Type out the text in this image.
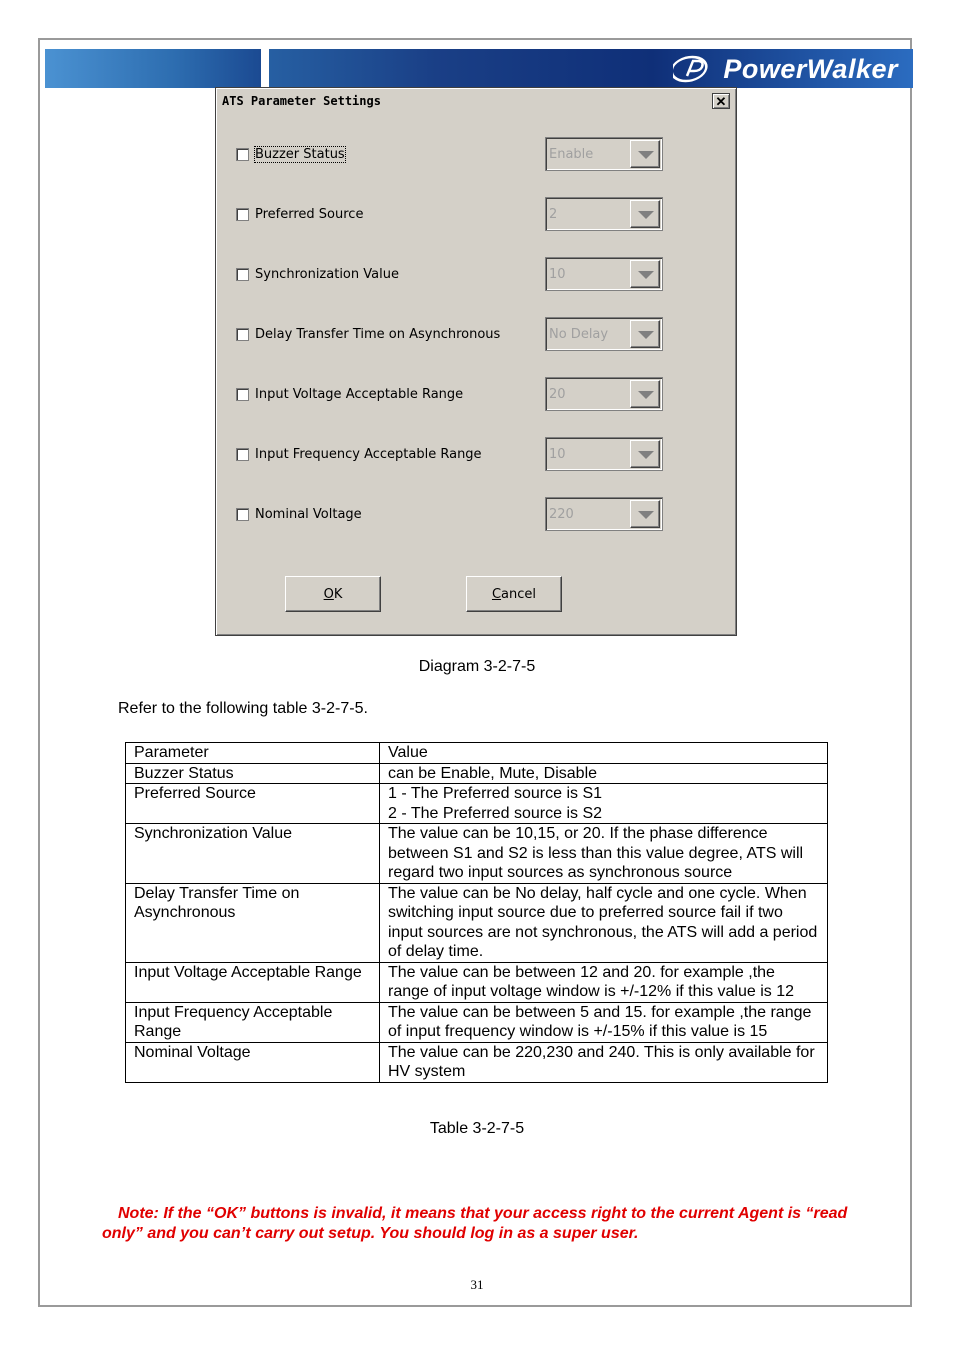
PowerWalker
ATS Parameter Settings	✕
Buzzer Status	Enable
Preferred Source	2
Synchronization Value	10
Delay Transfer Time on Asynchronous	No Delay
Input Voltage Acceptable Range	20
Input Frequency Acceptable Range	10
Nominal Voltage	220
O K	C ancel
Diagram 3-2-7-5
Refer to the following table 3-2-7-5.
Parameter	Value
Buzzer Status	can be Enable, Mute, Disable
Preferred Source	1 - The Preferred source is S1
2 - The Preferred source is S2
Synchronization Value	The value can be 10,15, or 20. If the phase difference between S1 and S2 is less than this value degree, ATS will regard two input sources as synchronous source
Delay Transfer Time on Asynchronous	The value can be No delay, half cycle and one cycle. When switching input source due to preferred source fail if two input sources are not synchronous, the ATS will add a period of delay time.
Input Voltage Acceptable Range	The value can be between 12 and 20. for example ,the range of input voltage window is +/-12% if this value is 12
Input Frequency Acceptable Range	The value can be between 5 and 15. for example ,the range of input frequency window is +/-15% if this value is 15
Nominal Voltage	The value can be 220,230 and 240. This is only available for HV system
Table 3-2-7-5
Note: If the “OK” buttons is invalid, it means that your access right to the current Agent is “read only” and you can’t carry out setup. You should log in as a super user.
31
